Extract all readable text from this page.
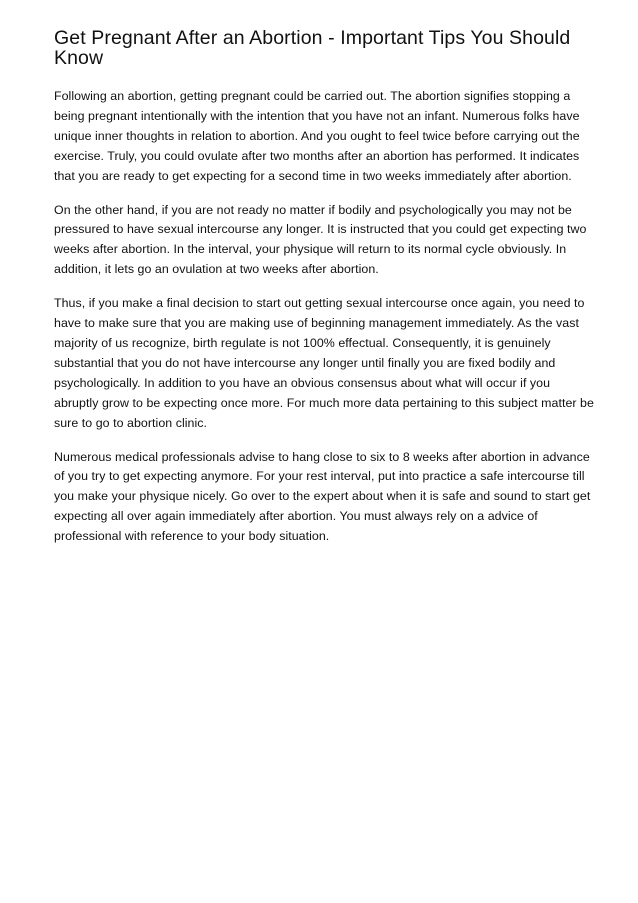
Get Pregnant After an Abortion - Important Tips You Should Know

Following an abortion, getting pregnant could be carried out. The abortion signifies stopping a being pregnant intentionally with the intention that you have not an infant. Numerous folks have unique inner thoughts in relation to abortion. And you ought to feel twice before carrying out the exercise. Truly, you could ovulate after two months after an abortion has performed. It indicates that you are ready to get expecting for a second time in two weeks immediately after abortion.

On the other hand, if you are not ready no matter if bodily and psychologically you may not be pressured to have sexual intercourse any longer. It is instructed that you could get expecting two weeks after abortion. In the interval, your physique will return to its normal cycle obviously. In addition, it lets go an ovulation at two weeks after abortion.

Thus, if you make a final decision to start out getting sexual intercourse once again, you need to have to make sure that you are making use of beginning management immediately. As the vast majority of us recognize, birth regulate is not 100% effectual. Consequently, it is genuinely substantial that you do not have intercourse any longer until finally you are fixed bodily and psychologically. In addition to you have an obvious consensus about what will occur if you abruptly grow to be expecting once more. For much more data pertaining to this subject matter be sure to go to abortion clinic.

Numerous medical professionals advise to hang close to six to 8 weeks after abortion in advance of you try to get expecting anymore. For your rest interval, put into practice a safe intercourse till you make your physique nicely. Go over to the expert about when it is safe and sound to start get expecting all over again immediately after abortion. You must always rely on a advice of professional with reference to your body situation.
